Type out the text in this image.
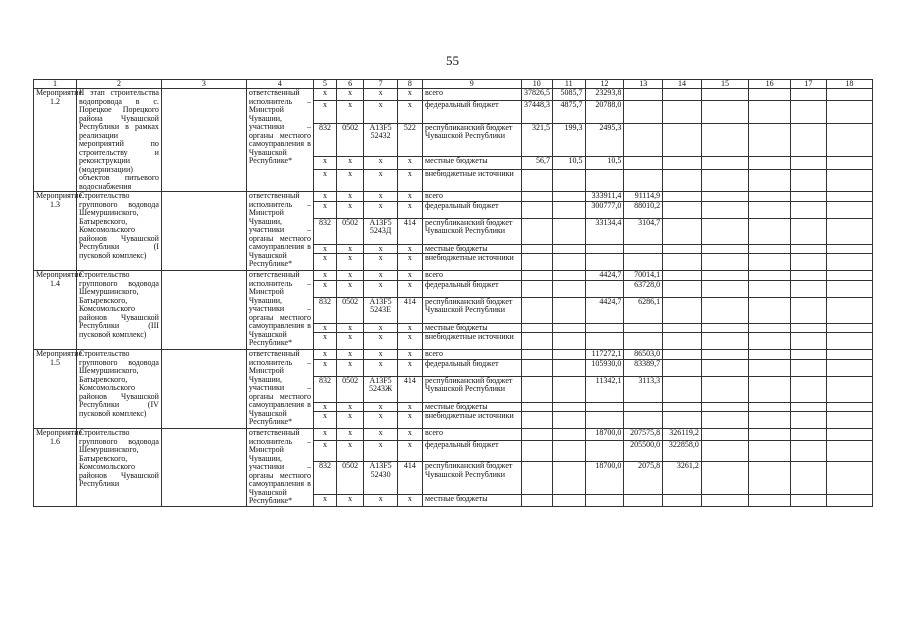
55
1	2	3	4	5	6	7	8	9	10	11	12	13	14	15	16	17	18
Мероприятие 1.2	II этап строительства водопровода в с. Порецкое Порецкого района Чувашской Республики в рамках реализации мероприятий по строительству и реконструкции (модернизации) объектов питьевого водоснабжения		ответственный исполнитель – Минстрой Чувашии, участники – органы местного самоуправления в Чувашской Республике*	x	x	x	x	всего	37826,5	5085,7	23293,8						
				x	x	x	x	федеральный бюджет	37448,3	4875,7	20788,0						
				832	0502	А13F5 52432	522	республиканский бюджет Чувашской Республики	321,5	199,3	2495,3						
				x	x	x	x	местные бюджеты	56,7	10,5	10,5						
				x	x	x	x	внебюджетные источники									
Мероприятие 1.3	Строительство группового водовода Шемуршинского, Батыревского, Комсомольского районов Чувашской Республики (I пусковой комплекс)		ответственный исполнитель – Минстрой Чувашии, участники – органы местного самоуправления в Чувашской Республике*	x	x	x	x	всего			333911,4	91114,9					
				x	x	x	x	федеральный бюджет			300777,0	88010,2					
				832	0502	А13F5 5243Д	414	республиканский бюджет Чувашской Республики			33134,4	3104,7					
				x	x	x	x	местные бюджеты									
				x	x	x	x	внебюджетные источники									
Мероприятие 1.4	Строительство группового водовода Шемуршинского, Батыревского, Комсомольского районов Чувашской Республики (III пусковой комплекс)		ответственный исполнитель – Минстрой Чувашии, участники – органы местного самоуправления в Чувашской Республике*	x	x	x	x	всего			4424,7	70014,1					
				x	x	x	x	федеральный бюджет				63728,0					
				832	0502	А13F5 5243Е	414	республиканский бюджет Чувашской Республики			4424,7	6286,1					
				x	x	x	x	местные бюджеты									
				x	x	x	x	внебюджетные источники									
Мероприятие 1.5	Строительство группового водовода Шемуршинского, Батыревского, Комсомольского районов Чувашской Республики (IV пусковой комплекс)		ответственный исполнитель – Минстрой Чувашии, участники – органы местного самоуправления в Чувашской Республике*	x	x	x	x	всего			117272,1	86503,0					
				x	x	x	x	федеральный бюджет			105930,0	83389,7					
				832	0502	А13F5 5243Ж	414	республиканский бюджет Чувашской Республики			11342,1	3113,3					
				x	x	x	x	местные бюджеты									
				x	x	x	x	внебюджетные источники									
Мероприятие 1.6	Строительство группового водовода Шемуршинского, Батыревского, Комсомольского районов Чувашской Республики		ответственный исполнитель – Минстрой Чувашии, участники – органы местного самоуправления в Чувашской Республике*	x	x	x	x	всего			18700,0	207575,8	326119,2				
				x	x	x	x	федеральный бюджет				205500,0	322858,0				
				832	0502	А13F5 52430	414	республиканский бюджет Чувашской Республики			18700,0	2075,8	3261,2				
				x	x	x	x	местные бюджеты									
